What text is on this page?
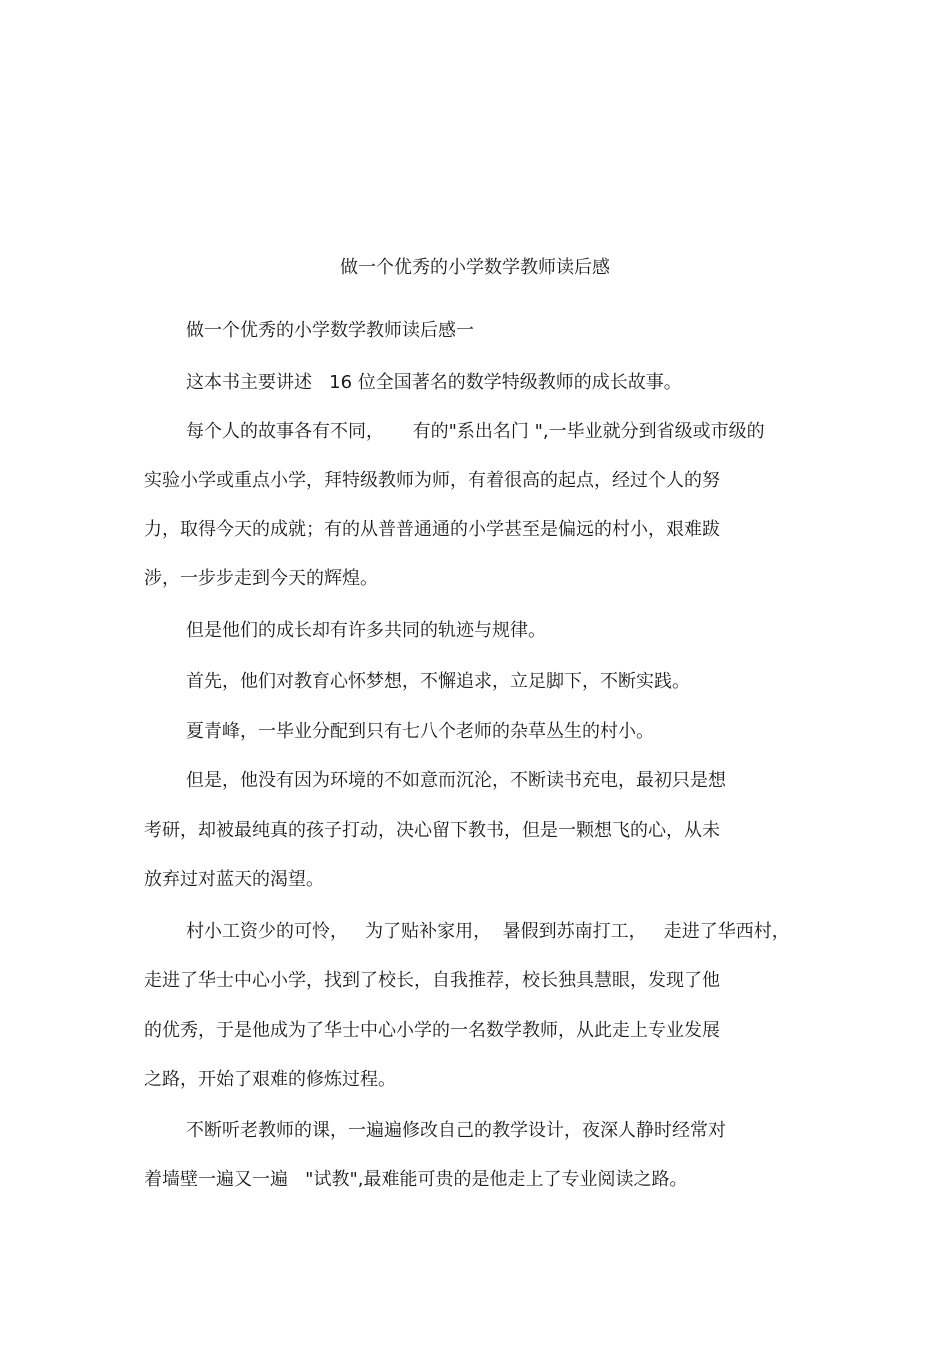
做一个优秀的小学数学教师读后感
做一个优秀的小学数学教师读后感一
这本书主要讲述   16 位全国著名的数学特级教师的成长故事。
每个人的故事各有不同，     有的"系出名门 ",一毕业就分到省级或市级的
实验小学或重点小学，拜特级教师为师，有着很高的起点，经过个人的努
力，取得今天的成就；有的从普普通通的小学甚至是偏远的村小，艰难跋
涉，一步步走到今天的辉煌。
但是他们的成长却有许多共同的轨迹与规律。
首先，他们对教育心怀梦想，不懈追求，立足脚下，不断实践。
夏青峰，一毕业分配到只有七八个老师的杂草丛生的村小。
但是，他没有因为环境的不如意而沉沦，不断读书充电，最初只是想
考研，却被最纯真的孩子打动，决心留下教书，但是一颗想飞的心，从未
放弃过对蓝天的渴望。
村小工资少的可怜，   为了贴补家用，  暑假到苏南打工，   走进了华西村，
走进了华士中心小学，找到了校长，自我推荐，校长独具慧眼，发现了他
的优秀，于是他成为了华士中心小学的一名数学教师，从此走上专业发展
之路，开始了艰难的修炼过程。
不断听老教师的课，一遍遍修改自己的教学设计，夜深人静时经常对
着墙壁一遍又一遍   "试教",最难能可贵的是他走上了专业阅读之路。
